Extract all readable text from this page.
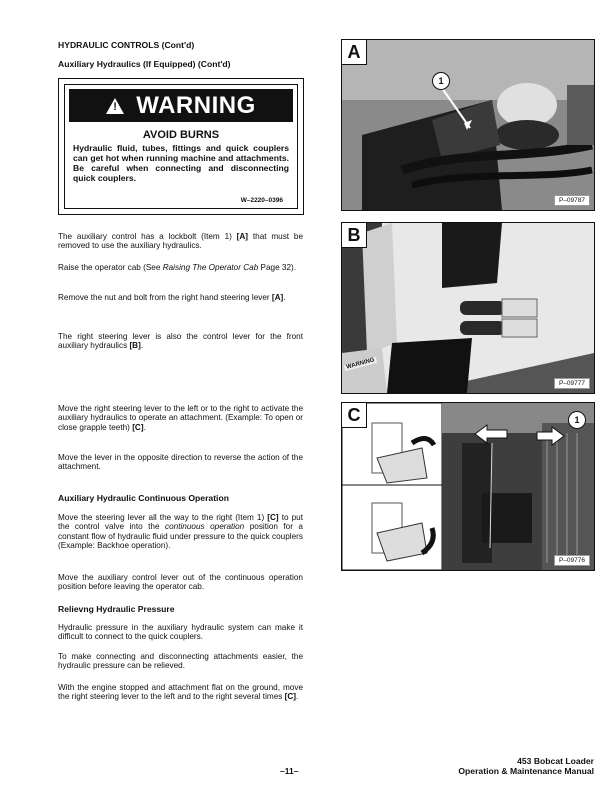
HYDRAULIC CONTROLS (Cont'd)
Auxiliary Hydraulics (If Equipped) (Cont'd)
! WARNING
AVOID BURNS
Hydraulic fluid, tubes, fittings and quick couplers can get hot when running machine and attachments. Be careful when connecting and disconnecting quick couplers.
W–2220–0396
The auxiliary control has a lockbolt (Item 1) [A] that must be removed to use the auxiliary hydraulics.
Raise the operator cab (See Raising The Operator Cab Page 32).
Remove the nut and bolt from the right hand steering lever [A].
The right steering lever is also the control lever for the front auxiliary hydraulics [B].
Move the right steering lever to the left or to the right to activate the auxiliary hydraulics to operate an attachment. (Example: To open or close grapple teeth) [C].
Move the lever in the opposite direction to reverse the action of the attachment.
Auxiliary Hydraulic Continuous Operation
Move the steering lever all the way to the right (Item 1) [C] to put the control valve into the continuous operation position for a constant flow of hydraulic fluid under pressure to the quick couplers (Example: Backhoe operation).
Move the auxiliary control lever out of the continuous operation position before leaving the operator cab.
Relievng Hydraulic Pressure
Hydraulic pressure in the auxiliary hydraulic system can make it difficult to connect to the quick couplers.
To make connecting and disconnecting attachments easier, the hydraulic pressure can be relieved.
With the engine stopped and attachment flat on the ground, move the right steering lever to the left and to the right several times [C].
A
1
P–09787
B
WARNING
P–09777
C	1
P–09776
–11–
453 Bobcat Loader
Operation & Maintenance Manual
